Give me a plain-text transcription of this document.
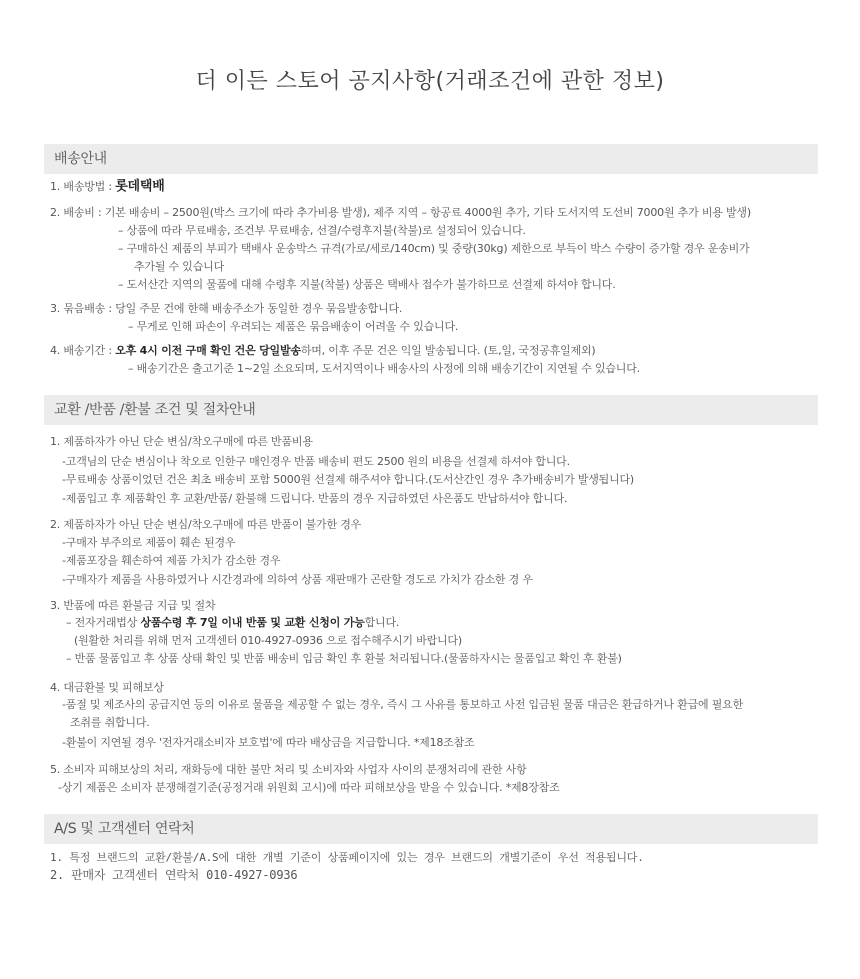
더 이든 스토어 공지사항(거래조건에 관한 정보)
배송안내
1. 배송방법 : 롯데택배
2. 배송비 : 기본 배송비 – 2500원(박스 크기에 따라 추가비용 발생), 제주 지역 – 항공료 4000원 추가, 기타 도서지역 도선비 7000원 추가 비용 발생)
– 상품에 따라 무료배송, 조건부 무료배송, 선결/수령후지불(착불)로 설정되어 있습니다.
– 구매하신 제품의 부피가 택배사 운송박스 규격(가로/세로/140cm) 및 중량(30kg) 제한으로 부득이 박스 수량이 증가할 경우 운송비가
추가될 수 있습니다
– 도서산간 지역의 물품에 대해 수령후 지불(착불) 상품은 택배사 접수가 불가하므로 선결제 하셔야 합니다.
3. 묶음배송 : 당일 주문 건에 한해 배송주소가 동일한 경우 묶음발송합니다.
– 무게로 인해 파손이 우려되는 제품은 묶음배송이 어려울 수 있습니다.
4. 배송기간 : 오후 4시 이전 구매 확인 건은 당일발송하며, 이후 주문 건은 익일 발송됩니다. (토,일, 국정공휴일제외)
– 배송기간은 출고기준 1~2일 소요되며, 도서지역이나 배송사의 사정에 의해 배송기간이 지연될 수 있습니다.
교환 /반품 /환불 조건 및 절차안내
1. 제품하자가 아닌 단순 변심/착오구매에 따른 반품비용
-고객님의 단순 변심이나 착오로 인한구 매인경우 반품 배송비 편도 2500 원의 비용을 선결제 하셔야 합니다.
-무료배송 상품이었던 건은 최초 배송비 포함 5000원 선결제 해주셔야 합니다.(도서산간인 경우 추가배송비가 발생됩니다)
-제품입고 후 제품확인 후 교환/반품/ 환불해 드립니다. 반품의 경우 지급하였던 사은품도 반납하셔야 합니다.
2. 제품하자가 아닌 단순 변심/착오구매에 따른 반품이 불가한 경우
-구매자 부주의로 제품이 훼손 된경우
-제품포장을 훼손하여 제품 가치가 감소한 경우
-구매자가 제품을 사용하였거나 시간경과에 의하여 상품 재판매가 곤란할 경도로 가치가 감소한 경 우
3. 반품에 따른 환불금 지급 및 절차
– 전자거래법상 상품수령 후 7일 이내 반품 및 교환 신청이 가능합니다.
(원활한 처리를 위해 먼저 고객센터 010-4927-0936 으로 접수해주시기 바랍니다)
– 반품 물품입고 후 상품 상태 확인 및 반품 배송비 입금 확인 후 환불 처리됩니다.(물품하자시는 물품입고 확인 후 환불)
4. 대금환불 및 피해보상
-품절 및 제조사의 공급지연 등의 이유로 물품을 제공할 수 없는 경우, 즉시 그 사유를 통보하고 사전 입금된 물품 대금은 환급하거나 환급에 필요한
조취를 취합니다.
-환불이 지연될 경우 '전자거래소비자 보호법'에 따라 배상금을 지급합니다. *제18조참조
5. 소비자 피해보상의 처리, 재화등에 대한 불만 처리 및 소비자와 사업자 사이의 분쟁처리에 관한 사항
-상기 제품은 소비자 분쟁해결기준(공정거래 위원회 고시)에 따라 피해보상을 받을 수 있습니다. *제8장참조
A/S 및 고객센터 연락처
1. 특정 브랜드의 교환/환불/A.S에 대한 개별 기준이 상품페이지에 있는 경우 브랜드의 개별기준이 우선 적용됩니다.
2. 판매자 고객센터 연락처 010-4927-0936
